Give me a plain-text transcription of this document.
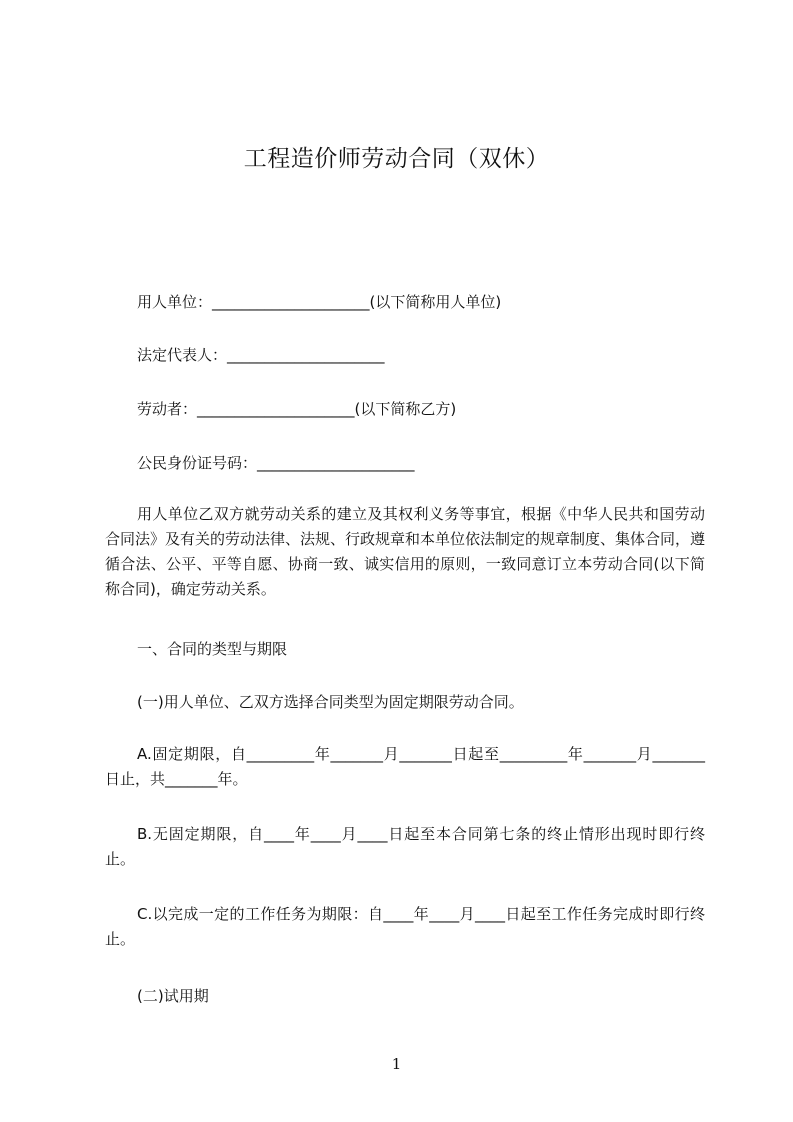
工程造价师劳动合同（双休）
用人单位：_____________________(以下简称用人单位)
法定代表人：_____________________
劳动者：_____________________(以下简称乙方)
公民身份证号码：_____________________
用人单位乙双方就劳动关系的建立及其权利义务等事宜，根据《中华人民共和国劳动合同法》及有关的劳动法律、法规、行政规章和本单位依法制定的规章制度、集体合同，遵循合法、公平、平等自愿、协商一致、诚实信用的原则，一致同意订立本劳动合同(以下简称合同)，确定劳动关系。
一、合同的类型与期限
(一)用人单位、乙双方选择合同类型为固定期限劳动合同。
A.固定期限，自_________年_______月_______日起至_________年_______月_______日止，共_______年。
B.无固定期限，自____年____月____日起至本合同第七条的终止情形出现时即行终止。
C.以完成一定的工作任务为期限：自____年____月____日起至工作任务完成时即行终止。
(二)试用期
1
